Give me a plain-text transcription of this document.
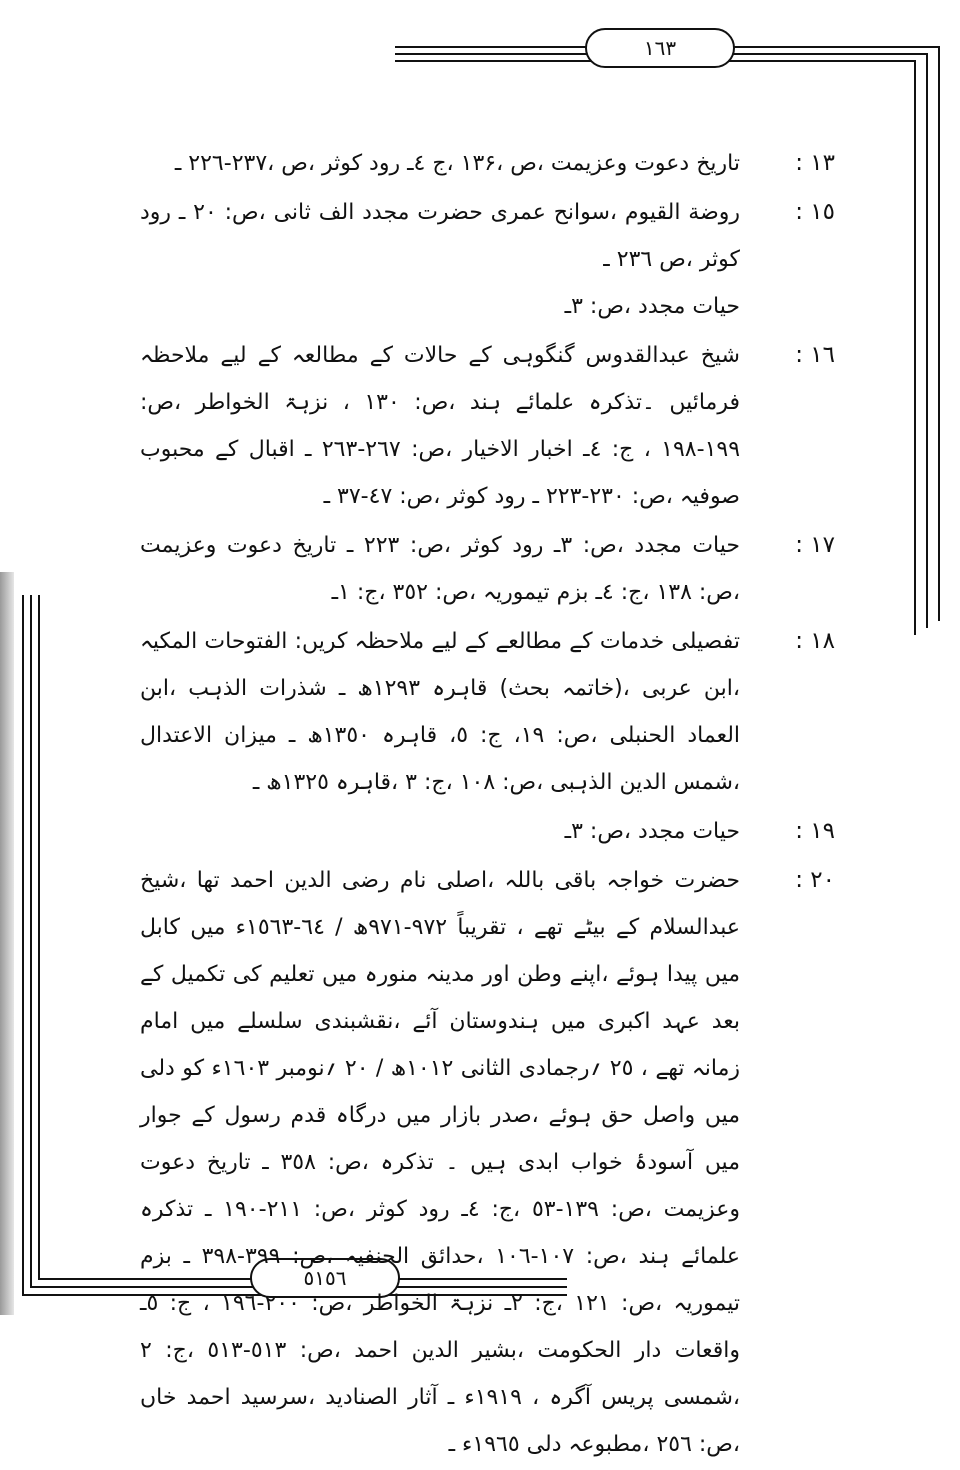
١٦٣
٥١٥٦
١٣ :
تاریخ دعوت وعزیمت ،ص ،۱۳۶ ،ج ٤ـ رود کوثر ،ص ،٢٣٧-٢٢٦ ـ
١٥ :
روضة القیوم ،سوانح عمری حضرت مجدد الف ثانی ،ص: ٢٠ ـ رود کوثر ،ص ٢٣٦ ـ
حیات مجدد ،ص: ٣ـ
١٦ :
شیخ عبدالقدوس گنگوہی کے حالات کے مطالعہ کے لیے ملاحظہ فرمائیں ۔تذکرہ علمائے ہند ،ص: ١٣٠ ، نزہۃ الخواطر ،ص: ١٩٩-١٩٨ ، ج: ٤ـ اخبار الاخیار ،ص: ٢٦٧-٢٦٣ ـ اقبال کے محبوب صوفیہ ،ص: ٢٣٠-٢٢٣ ـ رود کوثر ،ص: ٤٧-٣٧ ـ
١٧ :
حیات مجدد ،ص: ٣ـ رود کوثر ،ص: ٢٢٣ ـ تاریخ دعوت وعزیمت ،ص: ١٣٨ ،ج: ٤ـ بزم تیموریہ ،ص: ٣٥٢ ،ج: ١ـ
١٨ :
تفصیلی خدمات کے مطالعے کے لیے ملاحظہ کریں: الفتوحات المکیہ ،ابن عربی ،(خاتمہ بحث) قاہرہ ١٢٩٣ھ ـ شذرات الذہب ،ابن العماد الحنبلی ،ص: ١٩، ج: ٥، قاہرہ ١٣٥٠ھ ـ میزان الاعتدال ،شمس الدین الذہبی ،ص: ١٠٨ ،ج: ٣ ،قاہرہ ١٣٢٥ھ ـ
١٩ :
حیات مجدد ،ص: ٣ـ
٢٠ :
حضرت خواجہ باقی باللہ ،اصلی نام رضی الدین احمد تھا ،شیخ عبدالسلام کے بیٹے تھے ، تقریباً ٩٧٢-٩٧١ھ / ٦٤-١٥٦٣ء میں کابل میں پیدا ہوئے ،اپنے وطن اور مدینہ منورہ میں تعلیم کی تکمیل کے بعد عہد اکبری میں ہندوستان آئے ،نقشبندی سلسلے میں امام زمانہ تھے ، ٢٥ ؍رجمادی الثانی ١٠١٢ھ / ٢٠ ؍نومبر ١٦٠٣ء کو دلی میں واصل حق ہوئے ،صدر بازار میں درگاہ قدم رسول کے جوار میں آسودۂ خواب ابدی ہیں ۔ تذکرہ ،ص: ٣٥٨ ـ تاریخ دعوت وعزیمت ،ص: ١٣٩-٥٣ ،ج: ٤ـ رود کوثر ،ص: ٢١١-١٩٠ ـ تذکرہ علمائے ہند ،ص: ١٠٧-١٠٦ ،حدائق الحنفیہ ،ص: ٣٩٩-٣٩٨ ـ بزم تیموریہ ،ص: ١٢١ ،ج: ٢ـ نزہۃ الخواطر ،ص: ٢٠٠-١٩٦ ، ج: ٥ـ واقعات دار الحکومت ،بشیر الدین احمد ،ص: ٥١٣-٥١٣ ،ج: ٢ ،شمسی پریس آگرہ ، ١٩١٩ء ـ آثار الصنادید ،سرسید احمد خاں ،ص: ٢٥٦ ،مطبوعہ دلی ١٩٦٥ء ـ
